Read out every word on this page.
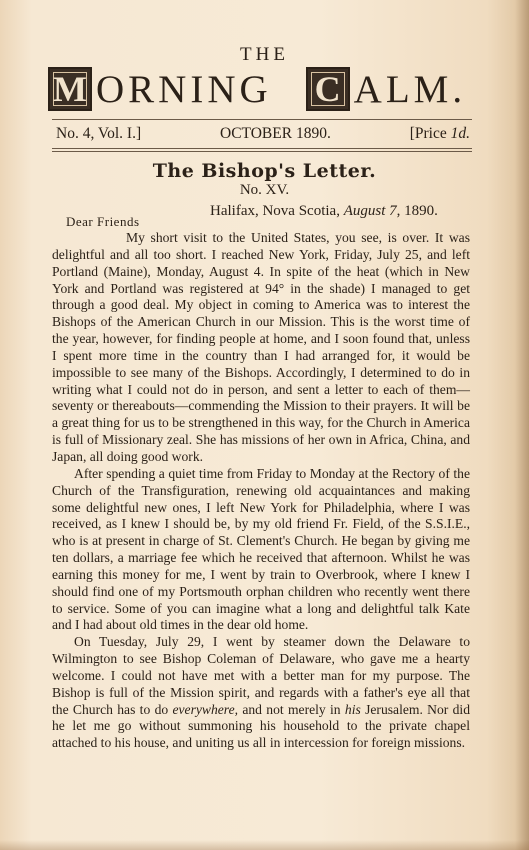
THE
M ORNING C ALM.
No. 4, Vol. I.]	OCTOBER 1890.	[Price 1d.
The Bishop's Letter.
No. XV.
Halifax, Nova Scotia, August 7, 1890.
Dear Friends

My short visit to the United States, you see, is over. It was delightful and all too short. I reached New York, Friday, July 25, and left Portland (Maine), Monday, August 4. In spite of the heat (which in New York and Portland was registered at 94° in the shade) I managed to get through a good deal. My object in coming to America was to interest the Bishops of the American Church in our Mission. This is the worst time of the year, however, for finding people at home, and I soon found that, unless I spent more time in the country than I had arranged for, it would be impossible to see many of the Bishops. Accordingly, I determined to do in writing what I could not do in person, and sent a letter to each of them—seventy or thereabouts—commending the Mission to their prayers. It will be a great thing for us to be strengthened in this way, for the Church in America is full of Missionary zeal. She has missions of her own in Africa, China, and Japan, all doing good work.

After spending a quiet time from Friday to Monday at the Rectory of the Church of the Transfiguration, renewing old acquaintances and making some delightful new ones, I left New York for Philadelphia, where I was received, as I knew I should be, by my old friend Fr. Field, of the S.S.I.E., who is at present in charge of St. Clement's Church. He began by giving me ten dollars, a marriage fee which he received that afternoon. Whilst he was earning this money for me, I went by train to Overbrook, where I knew I should find one of my Portsmouth orphan children who recently went there to service. Some of you can imagine what a long and delightful talk Kate and I had about old times in the dear old home.

On Tuesday, July 29, I went by steamer down the Delaware to Wilmington to see Bishop Coleman of Delaware, who gave me a hearty welcome. I could not have met with a better man for my purpose. The Bishop is full of the Mission spirit, and regards with a father's eye all that the Church has to do everywhere, and not merely in his Jerusalem. Nor did he let me go without summoning his household to the private chapel attached to his house, and uniting us all in intercession for foreign missions.
